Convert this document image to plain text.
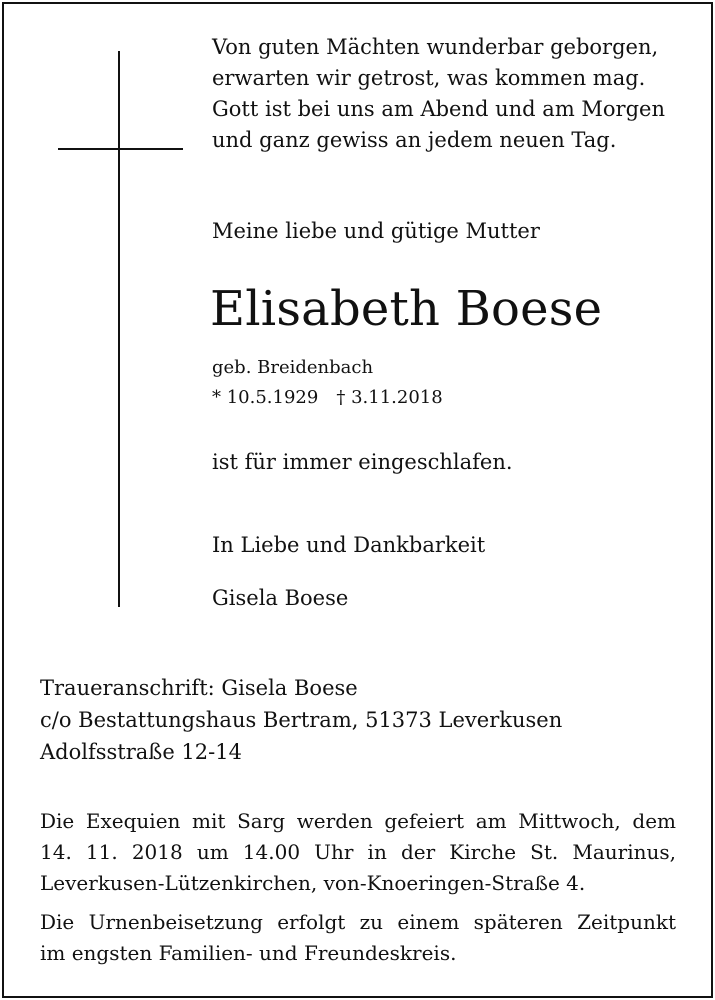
Von guten Mächten wunderbar geborgen,
erwarten wir getrost, was kommen mag.
Gott ist bei uns am Abend und am Morgen
und ganz gewiss an jedem neuen Tag.
Meine liebe und gütige Mutter
Elisabeth Boese
geb. Breidenbach
* 10.5.1929 † 3.11.2018
ist für immer eingeschlafen.
In Liebe und Dankbarkeit
Gisela Boese
Traueranschrift: Gisela Boese
c/o Bestattungshaus Bertram, 51373 Leverkusen
Adolfsstraße 12-14
Die Exequien mit Sarg werden gefeiert am Mittwoch, dem
14. 11. 2018 um 14.00 Uhr in der Kirche St. Maurinus,
Leverkusen-Lützenkirchen, von-Knoeringen-Straße 4.
Die Urnenbeisetzung erfolgt zu einem späteren Zeitpunkt
im engsten Familien- und Freundeskreis.
